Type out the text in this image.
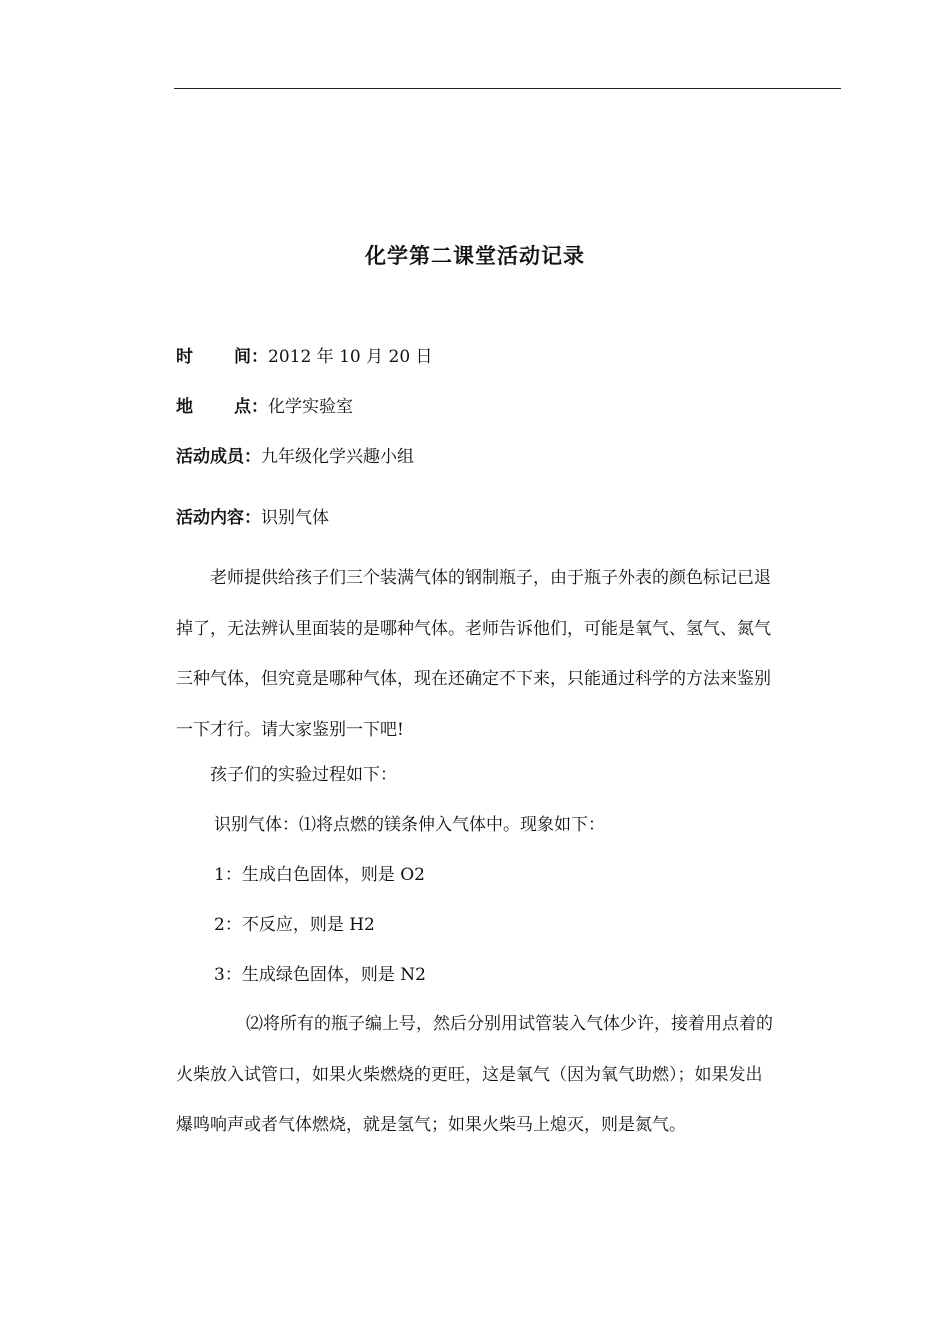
化学第二课堂活动记录
时 间：2012 年 10 月 20 日
地 点：化学实验室
活动成员：九年级化学兴趣小组
活动内容：识别气体
老师提供给孩子们三个装满气体的钢制瓶子，由于瓶子外表的颜色标记已退
掉了，无法辨认里面装的是哪种气体。老师告诉他们，可能是氧气、氢气、氮气
三种气体，但究竟是哪种气体，现在还确定不下来，只能通过科学的方法来鉴别
一下才行。请大家鉴别一下吧!
孩子们的实验过程如下：
识别气体：⑴将点燃的镁条伸入气体中。现象如下：
1：生成白色固体，则是 O2
2：不反应，则是 H2
3：生成绿色固体，则是 N2
⑵将所有的瓶子编上号，然后分别用试管装入气体少许，接着用点着的
火柴放入试管口，如果火柴燃烧的更旺，这是氧气（因为氧气助燃）；如果发出
爆鸣响声或者气体燃烧，就是氢气；如果火柴马上熄灭，则是氮气。
